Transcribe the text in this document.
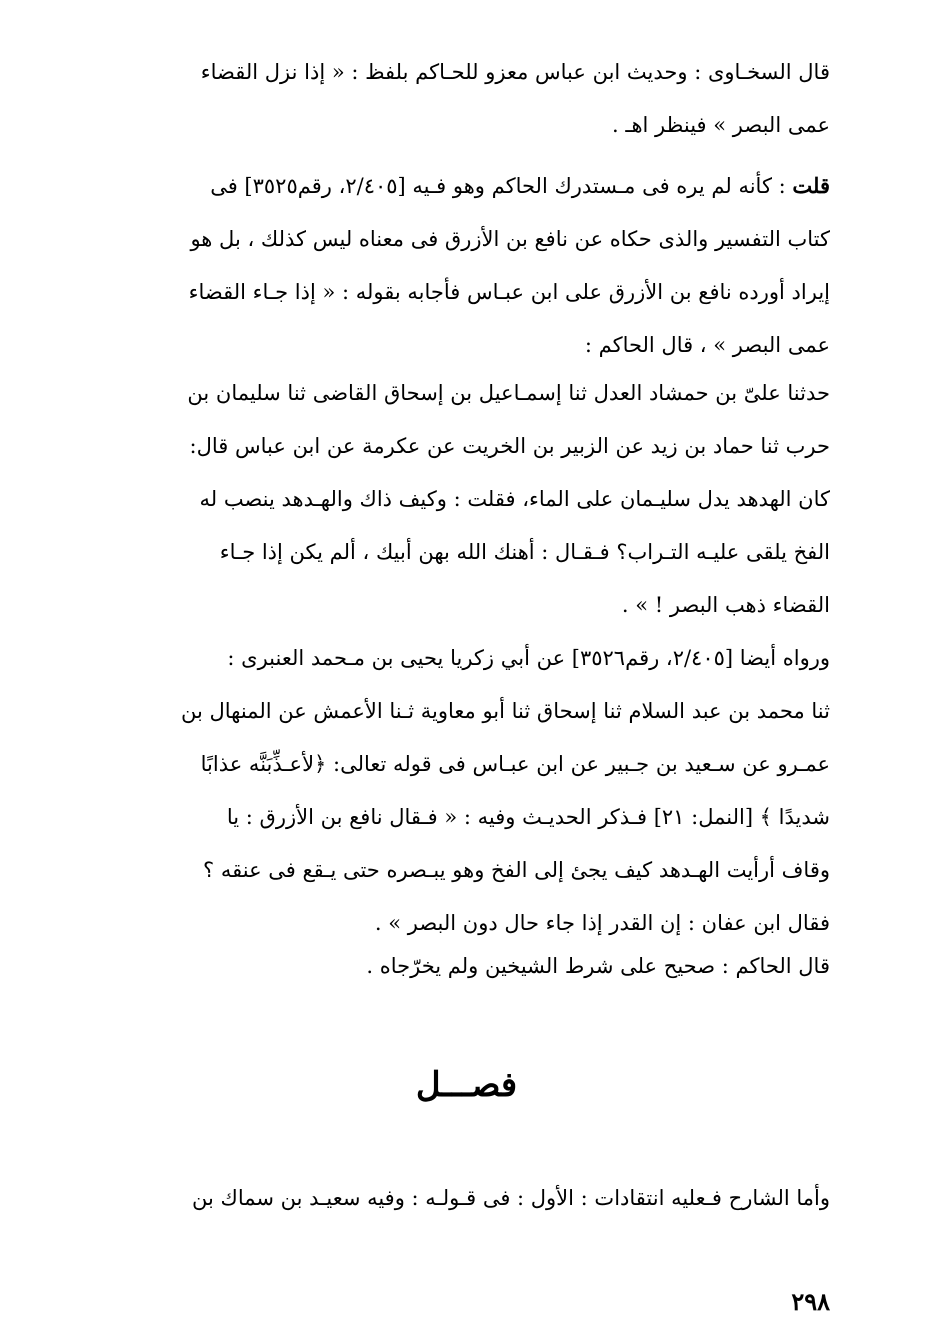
قال السخـاوى : وحديث ابن عباس معزو للحـاكم بلفظ : « إذا نزل القضاء
عمى البصر » فينظر اهـ .
قلت : كأنه لم يره فى مـستدرك الحاكم وهو فـيه [٢/٤٠٥، رقم٣٥٢٥] فى
كتاب التفسير والذى حكاه عن نافع بن الأزرق فى معناه ليس كذلك ، بل هو
إيراد أورده نافع بن الأزرق على ابن عبـاس فأجابه بقوله : « إذا جـاء القضاء
عمى البصر » ، قال الحاكم :
حدثنا علىّ بن حمشاد العدل ثنا إسمـاعيل بن إسحاق القاضى ثنا سليمان بن
حرب ثنا حماد بن زيد عن الزبير بن الخريت عن عكرمة عن ابن عباس قال:
كان الهدهد يدل سليـمان على الماء، فقلت : وكيف ذاك والهـدهد ينصب له
الفخ يلقى عليـه التـراب؟ فـقـال : أهنك الله بهن أبيك ، ألم يكن إذا جـاء
القضاء ذهب البصر ! » .
ورواه أيضا [٢/٤٠٥، رقم٣٥٢٦] عن أبي زكريا يحيى بن مـحمد العنبرى :
ثنا محمد بن عبد السلام ثنا إسحاق ثنا أبو معاوية ثـنا الأعمش عن المنهال بن
عمـرو عن سـعيد بن جـبير عن ابن عبـاس فى قوله تعالى: ﴿لأعـذِّبَنَّه عذابًا
شديدًا ﴾ [النمل: ٢١] فـذكر الحديـث وفيه : « فـقال نافع بن الأزرق : يا
وقاف أرأيت الهـدهد كيف يجئ إلى الفخ وهو يبـصره حتى يـقع فى عنقه ؟
فقال ابن عفان : إن القدر إذا جاء حال دون البصر » .
قال الحاكم : صحيح على شرط الشيخين ولم يخرّجاه .
فصـــل
وأما الشارح فـعليه انتقادات : الأول : فى قـولـه : وفيه سعيـد بن سماك بن
٢٩٨
